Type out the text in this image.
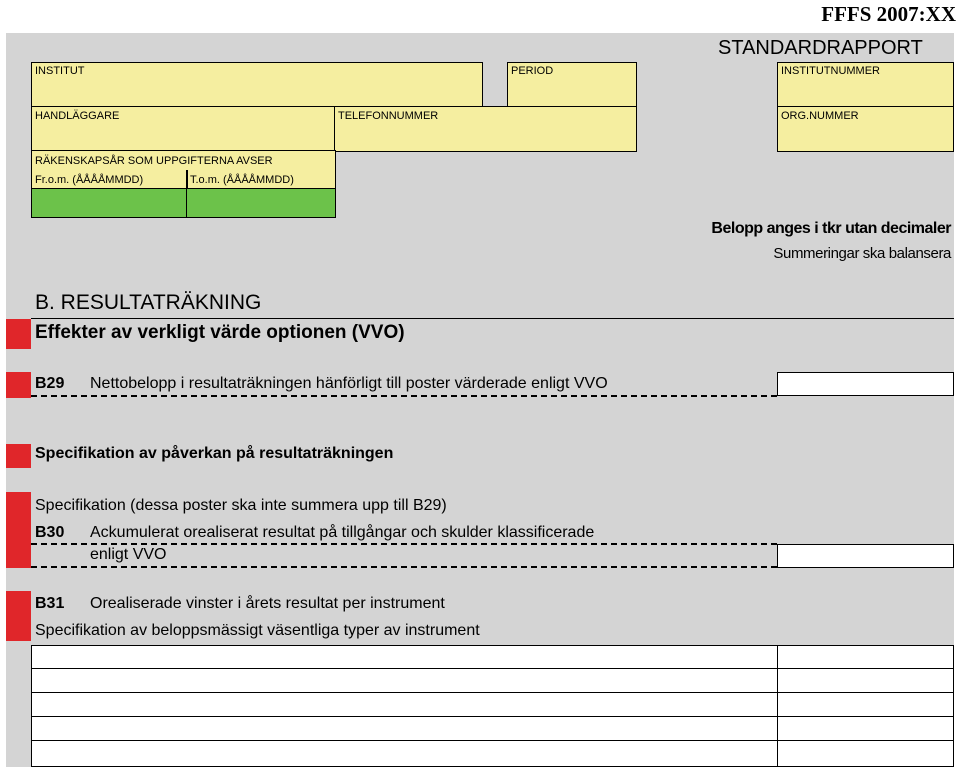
FFFS 2007:XX
STANDARDRAPPORT
INSTITUT	PERIOD	INSTITUTNUMMER
HANDLÄGGARE	TELEFONNUMMER	ORG.NUMMER
RÄKENSKAPSÅR SOM UPPGIFTERNA AVSER
Fr.o.m. (ÅÅÅÅMMDD)	T.o.m. (ÅÅÅÅMMDD)
Belopp anges i tkr utan decimaler
Summeringar ska balansera
B. RESULTATRÄKNING
Effekter av verkligt värde optionen (VVO)
B29 Nettobelopp i resultaträkningen hänförligt till poster värderade enligt VVO
Specifikation av påverkan på resultaträkningen
Specifikation (dessa poster ska inte summera upp till B29)
B30 Ackumulerat orealiserat resultat på tillgångar och skulder klassificerade
enligt VVO
B31 Orealiserade vinster i årets resultat per instrument
Specifikation av beloppsmässigt väsentliga typer av instrument
